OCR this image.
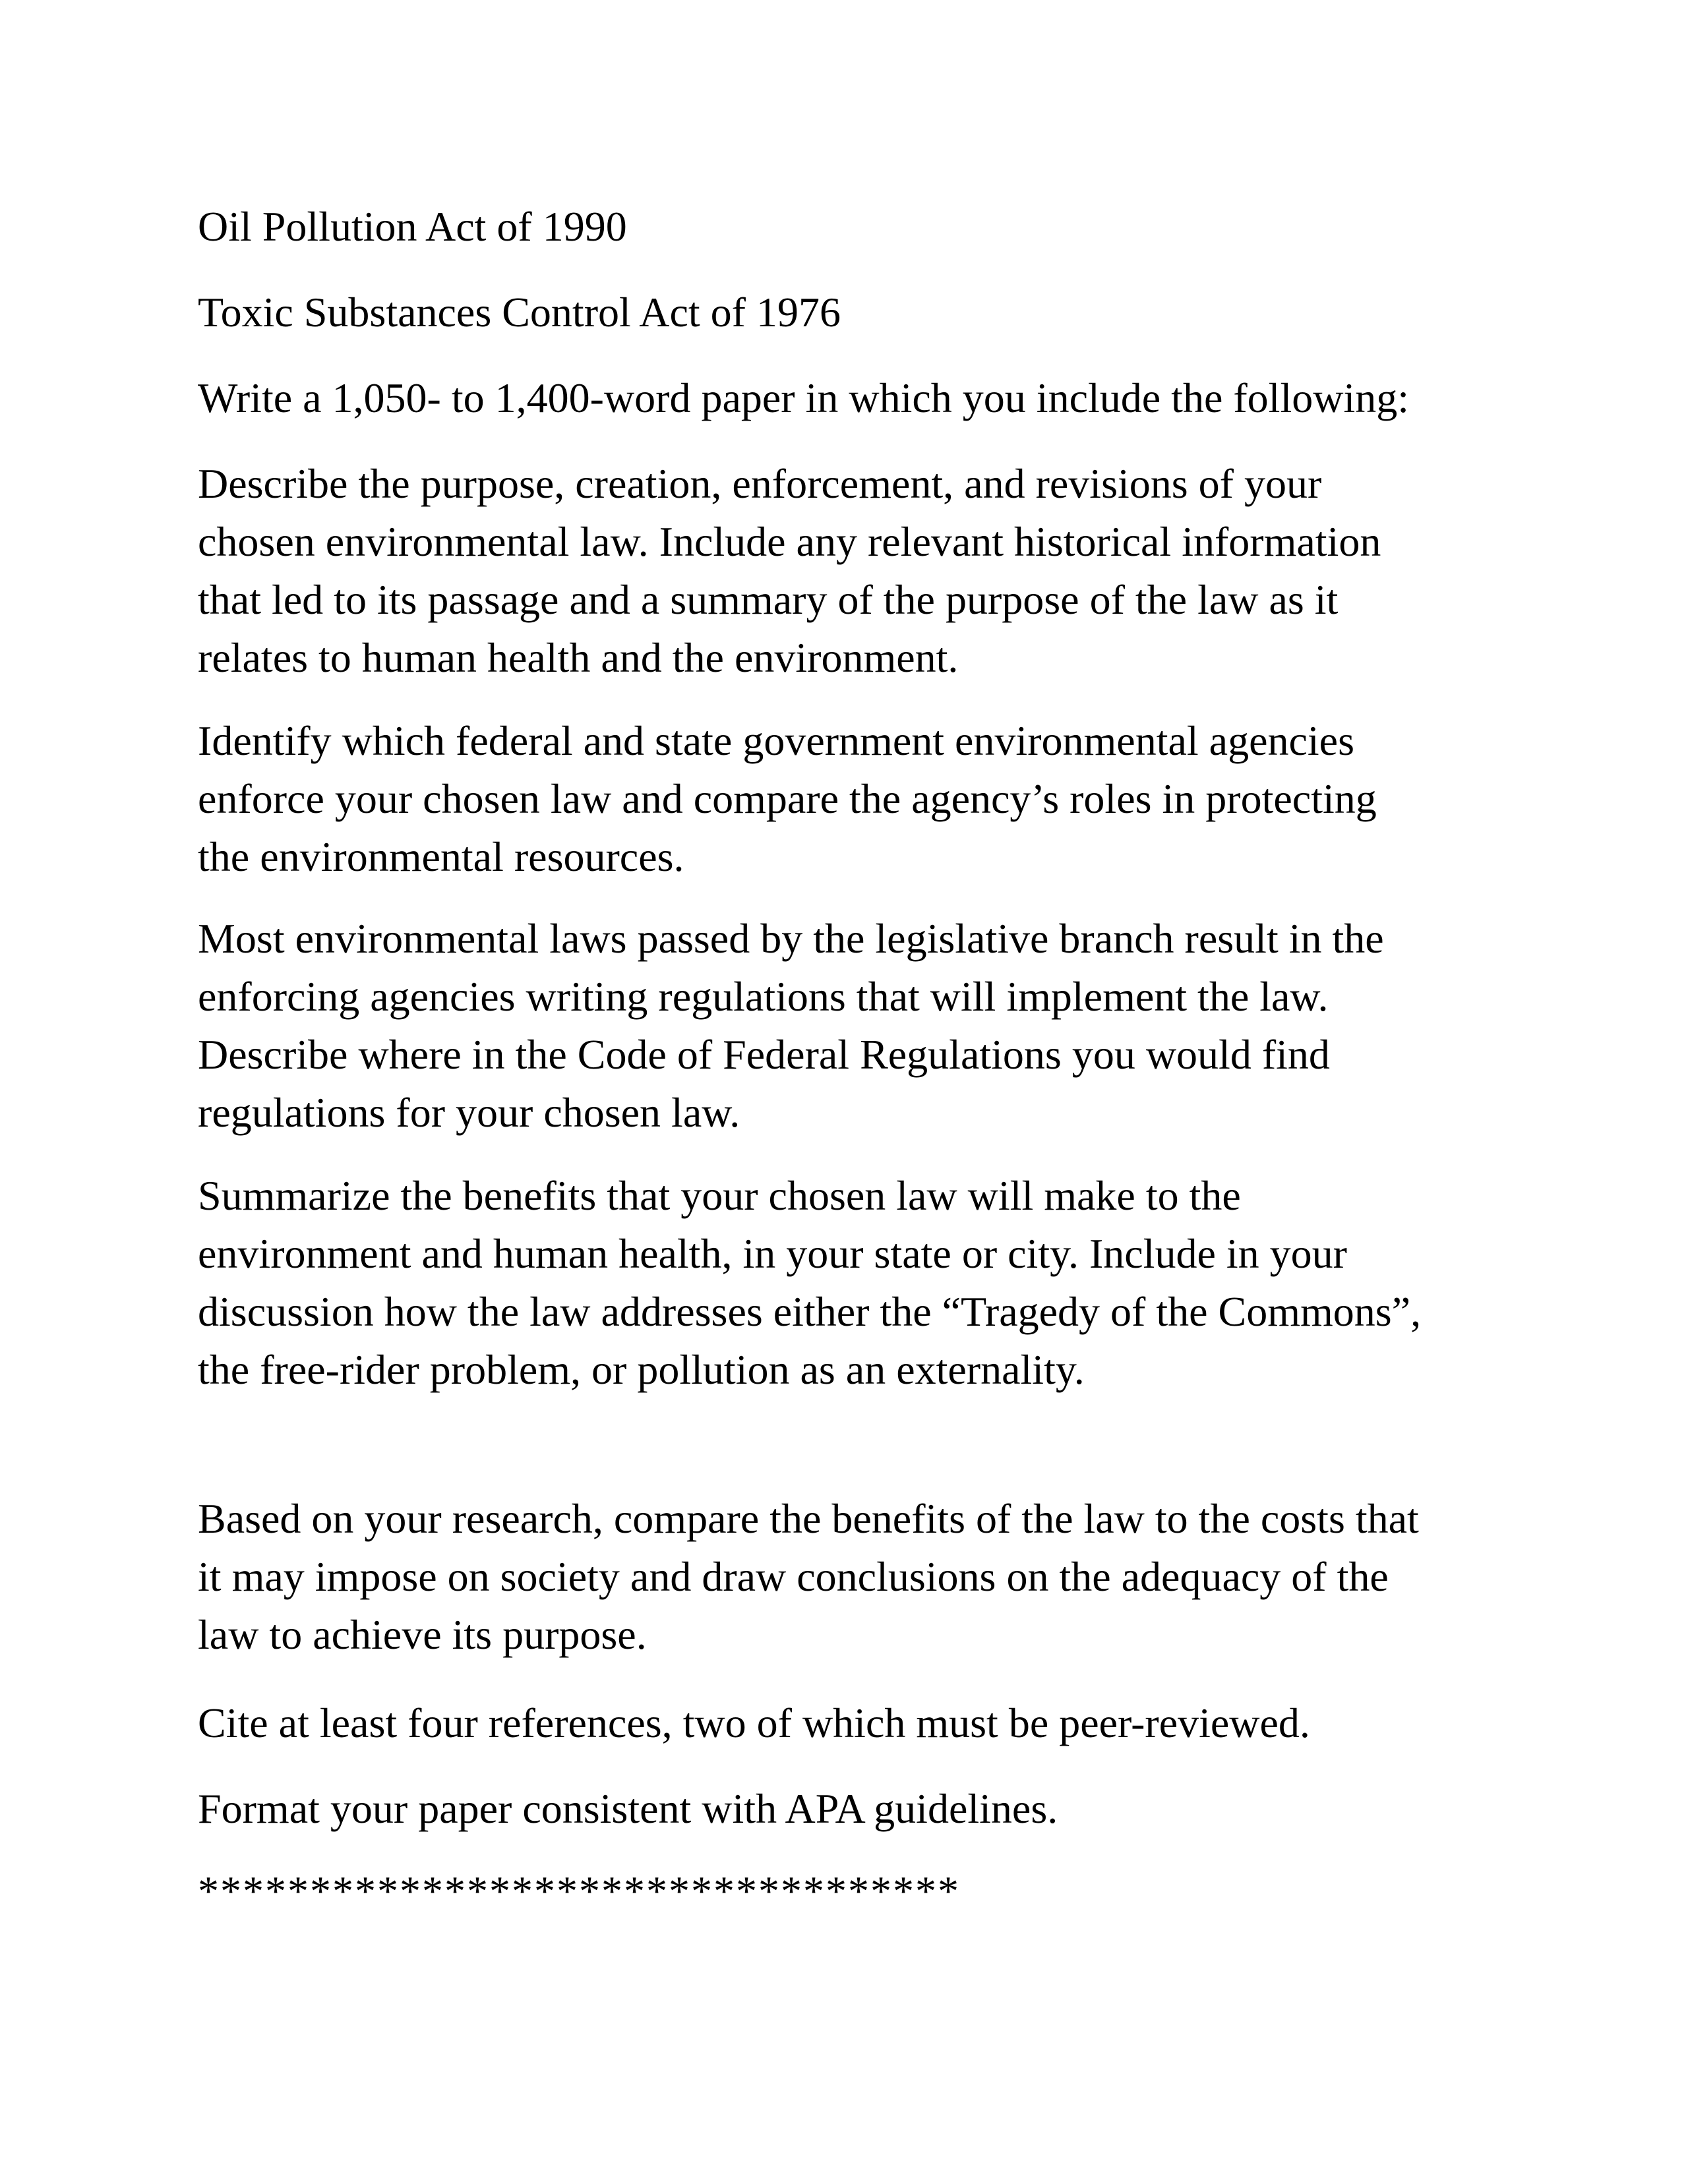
Oil Pollution Act of 1990

Toxic Substances Control Act of 1976

Write a 1,050- to 1,400-word paper in which you include the following:

Describe the purpose, creation, enforcement, and revisions of your
chosen environmental law. Include any relevant historical information
that led to its passage and a summary of the purpose of the law as it
relates to human health and the environment.

Identify which federal and state government environmental agencies
enforce your chosen law and compare the agency’s roles in protecting
the environmental resources.

Most environmental laws passed by the legislative branch result in the
enforcing agencies writing regulations that will implement the law.
Describe where in the Code of Federal Regulations you would find
regulations for your chosen law.

Summarize the benefits that your chosen law will make to the
environment and human health, in your state or city. Include in your
discussion how the law addresses either the “Tragedy of the Commons”,
the free-rider problem, or pollution as an externality.

Based on your research, compare the benefits of the law to the costs that
it may impose on society and draw conclusions on the adequacy of the
law to achieve its purpose.

Cite at least four references, two of which must be peer-reviewed.

Format your paper consistent with APA guidelines.

**********************************
